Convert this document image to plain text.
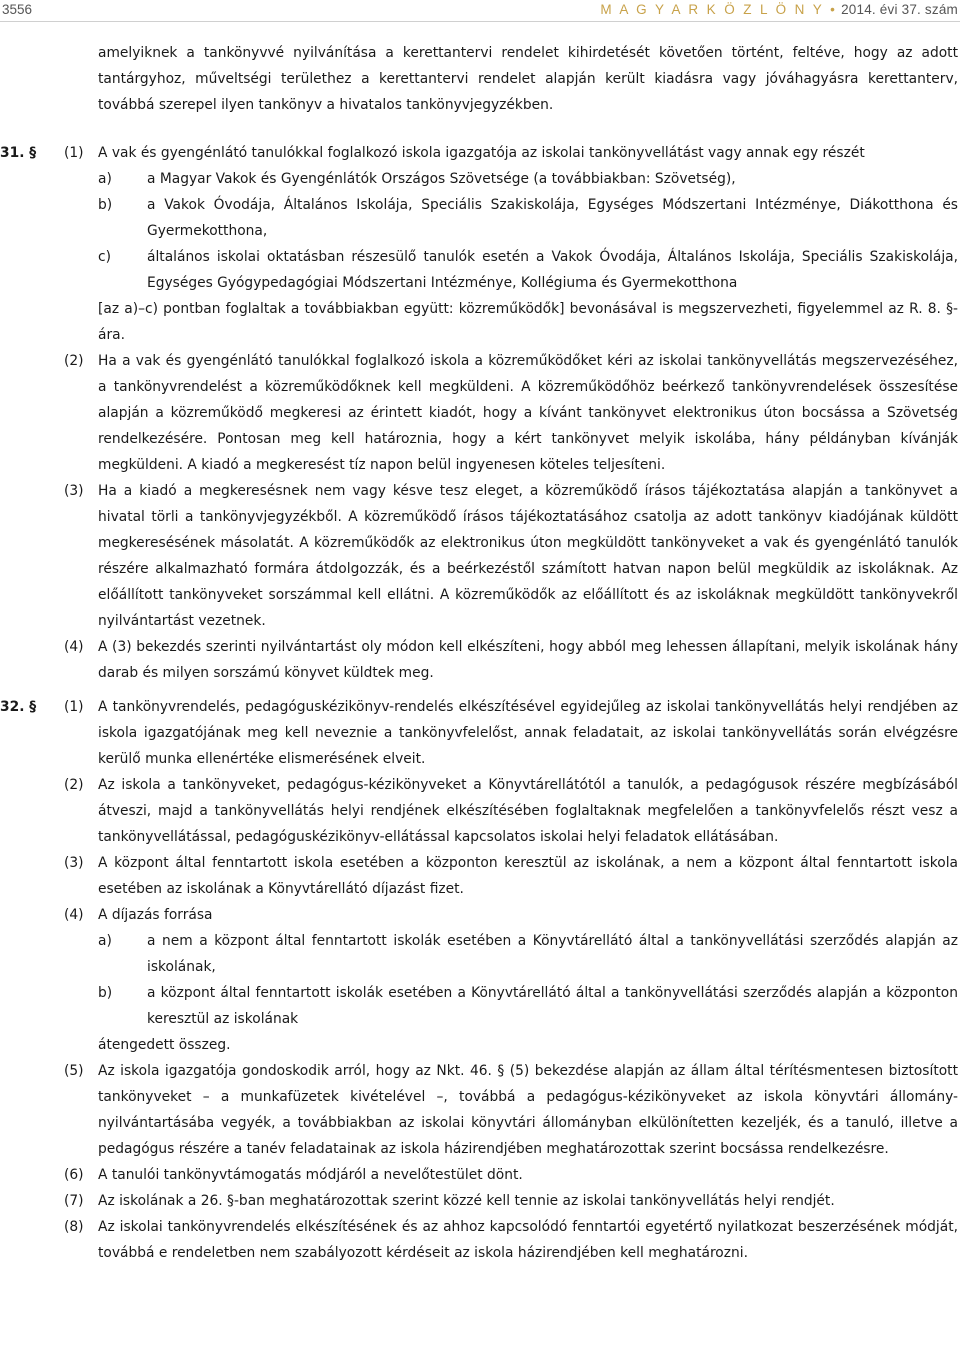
3556	M A G Y A R K Ö Z L Ö N Y • 2014. évi 37. szám
amelyiknek a tankönyvvé nyilvánítása a kerettantervi rendelet kihirdetését követően történt, feltéve, hogy az adott tantárgyhoz, műveltségi területhez a kerettantervi rendelet alapján került kiadásra vagy jóváhagyásra kerettanterv, továbbá szerepel ilyen tankönyv a hivatalos tankönyvjegyzékben.
31. §	(1)	A vak és gyengénlátó tanulókkal foglalkozó iskola igazgatója az iskolai tankönyvellátást vagy annak egy részét
a)	a Magyar Vakok és Gyengénlátók Országos Szövetsége (a továbbiakban: Szövetség),
b)	a Vakok Óvodája, Általános Iskolája, Speciális Szakiskolája, Egységes Módszertani Intézménye, Diákotthona és Gyermekotthona,
c)	általános iskolai oktatásban részesülő tanulók esetén a Vakok Óvodája, Általános Iskolája, Speciális Szakiskolája, Egységes Gyógypedagógiai Módszertani Intézménye, Kollégiuma és Gyermekotthona
[az a)–c) pontban foglaltak a továbbiakban együtt: közreműködők] bevonásával is megszervezheti, figyelemmel az R. 8. §-ára.
(2)	Ha a vak és gyengénlátó tanulókkal foglalkozó iskola a közreműködőket kéri az iskolai tankönyvellátás megszervezéséhez, a tankönyvrendelést a közreműködőknek kell megküldeni. A közreműködőhöz beérkező tankönyvrendelések összesítése alapján a közreműködő megkeresi az érintett kiadót, hogy a kívánt tankönyvet elektronikus úton bocsássa a Szövetség rendelkezésére. Pontosan meg kell határoznia, hogy a kért tankönyvet melyik iskolába, hány példányban kívánják megküldeni. A kiadó a megkeresést tíz napon belül ingyenesen köteles teljesíteni.
(3)	Ha a kiadó a megkeresésnek nem vagy késve tesz eleget, a közreműködő írásos tájékoztatása alapján a tankönyvet a hivatal törli a tankönyvjegyzékből. A közreműködő írásos tájékoztatásához csatolja az adott tankönyv kiadójának küldött megkeresésének másolatát. A közreműködők az elektronikus úton megküldött tankönyveket a vak és gyengénlátó tanulók részére alkalmazható formára átdolgozzák, és a beérkezéstől számított hatvan napon belül megküldik az iskoláknak. Az előállított tankönyveket sorszámmal kell ellátni. A közreműködők az előállított és az iskoláknak megküldött tankönyvekről nyilvántartást vezetnek.
(4)	A (3) bekezdés szerinti nyilvántartást oly módon kell elkészíteni, hogy abból meg lehessen állapítani, melyik iskolának hány darab és milyen sorszámú könyvet küldtek meg.
32. §	(1)	A tankönyvrendelés, pedagóguskézikönyv-rendelés elkészítésével egyidejűleg az iskolai tankönyvellátás helyi rendjében az iskola igazgatójának meg kell neveznie a tankönyvfelelőst, annak feladatait, az iskolai tankönyvellátás során elvégzésre kerülő munka ellenértéke elismerésének elveit.
(2)	Az iskola a tankönyveket, pedagógus-kézikönyveket a Könyvtárellátótól a tanulók, a pedagógusok részére megbízásából átveszi, majd a tankönyvellátás helyi rendjének elkészítésében foglaltaknak megfelelően a tankönyvfelelős részt vesz a tankönyvellátással, pedagóguskézikönyv-ellátással kapcsolatos iskolai helyi feladatok ellátásában.
(3)	A központ által fenntartott iskola esetében a központon keresztül az iskolának, a nem a központ által fenntartott iskola esetében az iskolának a Könyvtárellátó díjazást fizet.
(4)	A díjazás forrása
a)	a nem a központ által fenntartott iskolák esetében a Könyvtárellátó által a tankönyvellátási szerződés alapján az iskolának,
b)	a központ által fenntartott iskolák esetében a Könyvtárellátó által a tankönyvellátási szerződés alapján a központon keresztül az iskolának
átengedett összeg.
(5)	Az iskola igazgatója gondoskodik arról, hogy az Nkt. 46. § (5) bekezdése alapján az állam által térítésmentesen biztosított tankönyveket – a munkafüzetek kivételével –, továbbá a pedagógus-kézikönyveket az iskola könyvtári állomány-nyilvántartásába vegyék, a továbbiakban az iskolai könyvtári állományban elkülönítetten kezeljék, és a tanuló, illetve a pedagógus részére a tanév feladatainak az iskola házirendjében meghatározottak szerint bocsássa rendelkezésre.
(6)	A tanulói tankönyvtámogatás módjáról a nevelőtestület dönt.
(7)	Az iskolának a 26. §-ban meghatározottak szerint közzé kell tennie az iskolai tankönyvellátás helyi rendjét.
(8)	Az iskolai tankönyvrendelés elkészítésének és az ahhoz kapcsolódó fenntartói egyetértő nyilatkozat beszerzésének módját, továbbá e rendeletben nem szabályozott kérdéseit az iskola házirendjében kell meghatározni.
